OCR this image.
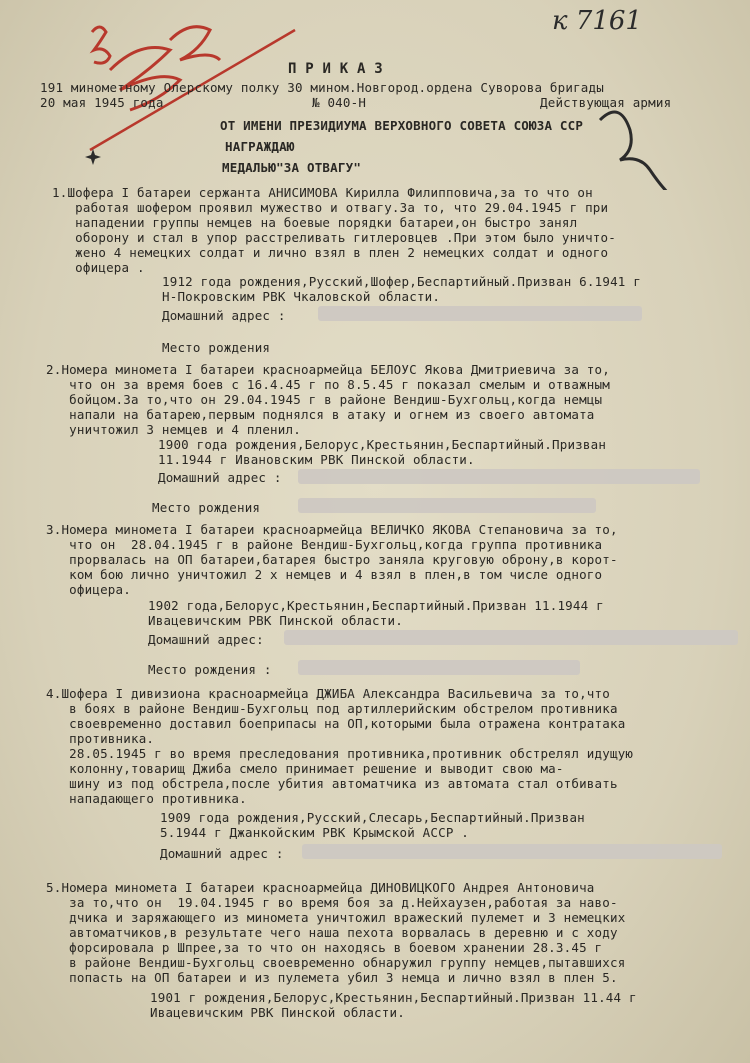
к 7161
П Р И К А З
191 минометному Олерскому полку 30 мином.Новгород.ордена Суворова бригады
20 мая 1945 года	№ 040-Н	Действующая армия
ОТ ИМЕНИ ПРЕЗИДИУМА ВЕРХОВНОГО СОВЕТА СОЮЗА ССР
НАГРАЖДАЮ
МЕДАЛЬЮ"ЗА ОТВАГУ"
1.Шофера I батареи сержанта АНИСИМОВА Кирилла Филипповича,за то что он
работая шофером проявил мужество и отвагу.За то, что 29.04.1945 г при
нападении группы немцев на боевые порядки батареи,он быстро занял
оборону и стал в упор расстреливать гитлеровцев .При этом было уничто-
жено 4 немецких солдат и лично взял в плен 2 немецких солдат и одного
офицера .
1912 года рождения,Русский,Шофер,Беспартийный.Призван 6.1941 г
Н-Покровским РВК Чкаловской области.
Домашний адрес :
Место рождения
2.Номера миномета I батареи красноармейца БЕЛОУС Якова Дмитриевича за то,
что он за время боев с 16.4.45 г по 8.5.45 г показал смелым и отважным
бойцом.За то,что он 29.04.1945 г в районе Вендиш-Бухгольц,когда немцы
напали на батарею,первым поднялся в атаку и огнем из своего автомата
уничтожил 3 немцев и 4 пленил.
1900 года рождения,Белорус,Крестьянин,Беспартийный.Призван
11.1944 г Ивановским РВК Пинской области.
Домашний адрес :
Место рождения
3.Номера миномета I батареи красноармейца ВЕЛИЧКО ЯКОВА Степановича за то,
что он  28.04.1945 г в районе Вендиш-Бухгольц,когда группа противника
прорвалась на ОП батареи,батарея быстро заняла круговую оброну,в корот-
ком бою лично уничтожил 2 х немцев и 4 взял в плен,в том числе одного
офицера.
1902 года,Белорус,Крестьянин,Беспартийный.Призван 11.1944 г
Ивацевичским РВК Пинской области.
Домашний адрес:
Место рождения :
4.Шофера I дивизиона красноармейца ДЖИБА Александра Васильевича за то,что
в боях в районе Вендиш-Бухгольц под артиллерийским обстрелом противника
своевременно доставил боеприпасы на ОП,которыми была отражена контратака
противника.
28.05.1945 г во время преследования противника,противник обстрелял идущую
колонну,товарищ Джиба смело принимает решение и выводит свою ма-
шину из под обстрела,после убития автоматчика из автомата стал отбивать
нападающего противника.
1909 года рождения,Русский,Слесарь,Беспартийный.Призван
5.1944 г Джанкойским РВК Крымской АССР .
Домашний адрес :
5.Номера миномета I батареи красноармейца ДИНОВИЦКОГО Андрея Антоновича
за то,что он  19.04.1945 г во время боя за д.Нейхаузен,работая за наво-
дчика и заряжающего из миномета уничтожил вражеский пулемет и 3 немецких
автоматчиков,в результате чего наша пехота ворвалась в деревню и с ходу
форсировала р Шпрее,за то что он находясь в боевом хранении 28.3.45 г
в районе Вендиш-Бухгольц своевременно обнаружил группу немцев,пытавшихся
попасть на ОП батареи и из пулемета убил 3 немца и лично взял в плен 5.
1901 г рождения,Белорус,Крестьянин,Беспартийный.Призван 11.44 г
Ивацевичским РВК Пинской области.
